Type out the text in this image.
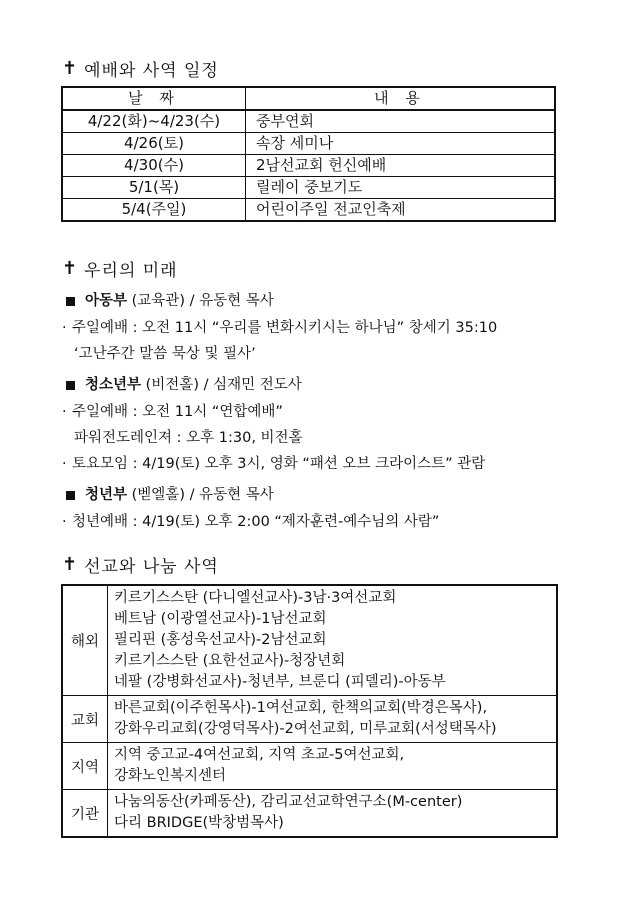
✝ 예배와 사역 일정
날 짜	내 용
4/22(화)~4/23(수)	중부연회
4/26(토)	속장 세미나
4/30(수)	2남선교회 헌신예배
5/1(목)	릴레이 중보기도
5/4(주일)	어린이주일 전교인축제
✝ 우리의 미래
아동부 (교육관) / 유동현 목사
· 주일예배 : 오전 11시 “우리를 변화시키시는 하나님” 창세기 35:10
‘고난주간 말씀 묵상 및 필사’
청소년부 (비전홀) / 심재민 전도사
· 주일예배 : 오전 11시 “연합예배”
파워전도레인져 : 오후 1:30, 비전홀
· 토요모임 : 4/19(토) 오후 3시, 영화 “패션 오브 크라이스트” 관람
청년부 (벧엘홀) / 유동현 목사
· 청년예배 : 4/19(토) 오후 2:00 “제자훈련-예수님의 사람”
✝ 선교와 나눔 사역
해외	키르기스스탄 (다니엘선교사)-3남·3여선교회
베트남 (이광열선교사)-1남선교회
필리핀 (홍성욱선교사)-2남선교회
키르기스스탄 (요한선교사)-청장년회
네팔 (강병화선교사)-청년부, 브룬디 (피델리)-아동부

교회	바른교회(이주헌목사)-1여선교회, 한책의교회(박경은목사),
강화우리교회(강영덕목사)-2여선교회, 미루교회(서성택목사)

지역	지역 중고교-4여선교회, 지역 초교-5여선교회,
강화노인복지센터

기관	나눔의동산(카페동산), 감리교선교학연구소(M-center)
다리 BRIDGE(박창범목사)
